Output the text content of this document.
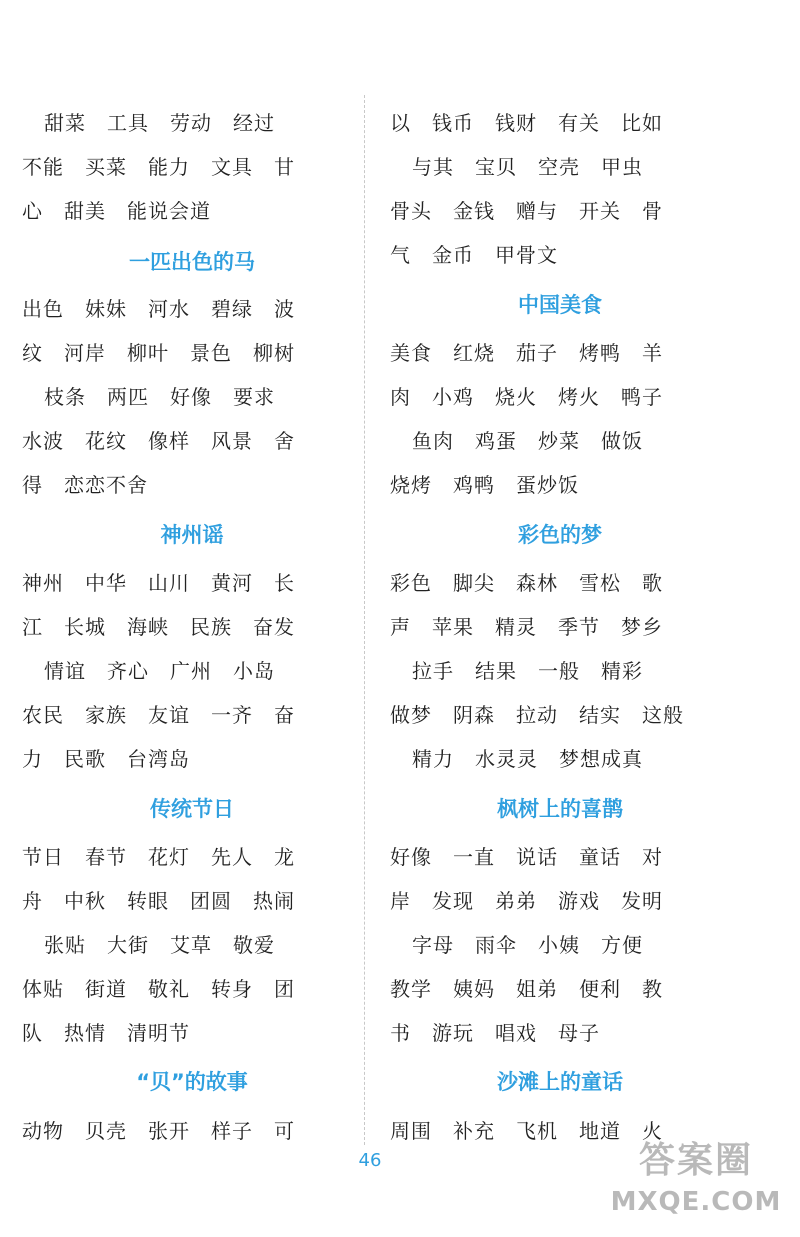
甜菜　工具　劳动　经过
不能　买菜　能力　文具　甘
心　甜美　能说会道
一匹出色的马
出色　妹妹　河水　碧绿　波
纹　河岸　柳叶　景色　柳树
枝条　两匹　好像　要求
水波　花纹　像样　风景　舍
得　恋恋不舍
神州谣
神州　中华　山川　黄河　长
江　长城　海峡　民族　奋发
情谊　齐心　广州　小岛
农民　家族　友谊　一齐　奋
力　民歌　台湾岛
传统节日
节日　春节　花灯　先人　龙
舟　中秋　转眼　团圆　热闹
张贴　大街　艾草　敬爱
体贴　街道　敬礼　转身　团
队　热情　清明节
“贝”的故事
动物　贝壳　张开　样子　可
以　钱币　钱财　有关　比如
与其　宝贝　空壳　甲虫
骨头　金钱　赠与　开关　骨
气　金币　甲骨文
中国美食
美食　红烧　茄子　烤鸭　羊
肉　小鸡　烧火　烤火　鸭子
鱼肉　鸡蛋　炒菜　做饭
烧烤　鸡鸭　蛋炒饭
彩色的梦
彩色　脚尖　森林　雪松　歌
声　苹果　精灵　季节　梦乡
拉手　结果　一般　精彩
做梦　阴森　拉动　结实　这般
精力　水灵灵　梦想成真
枫树上的喜鹊
好像　一直　说话　童话　对
岸　发现　弟弟　游戏　发明
字母　雨伞　小姨　方便
教学　姨妈　姐弟　便利　教
书　游玩　唱戏　母子
沙滩上的童话
周围　补充　飞机　地道　火
46	答案圈
MXQE.COM
